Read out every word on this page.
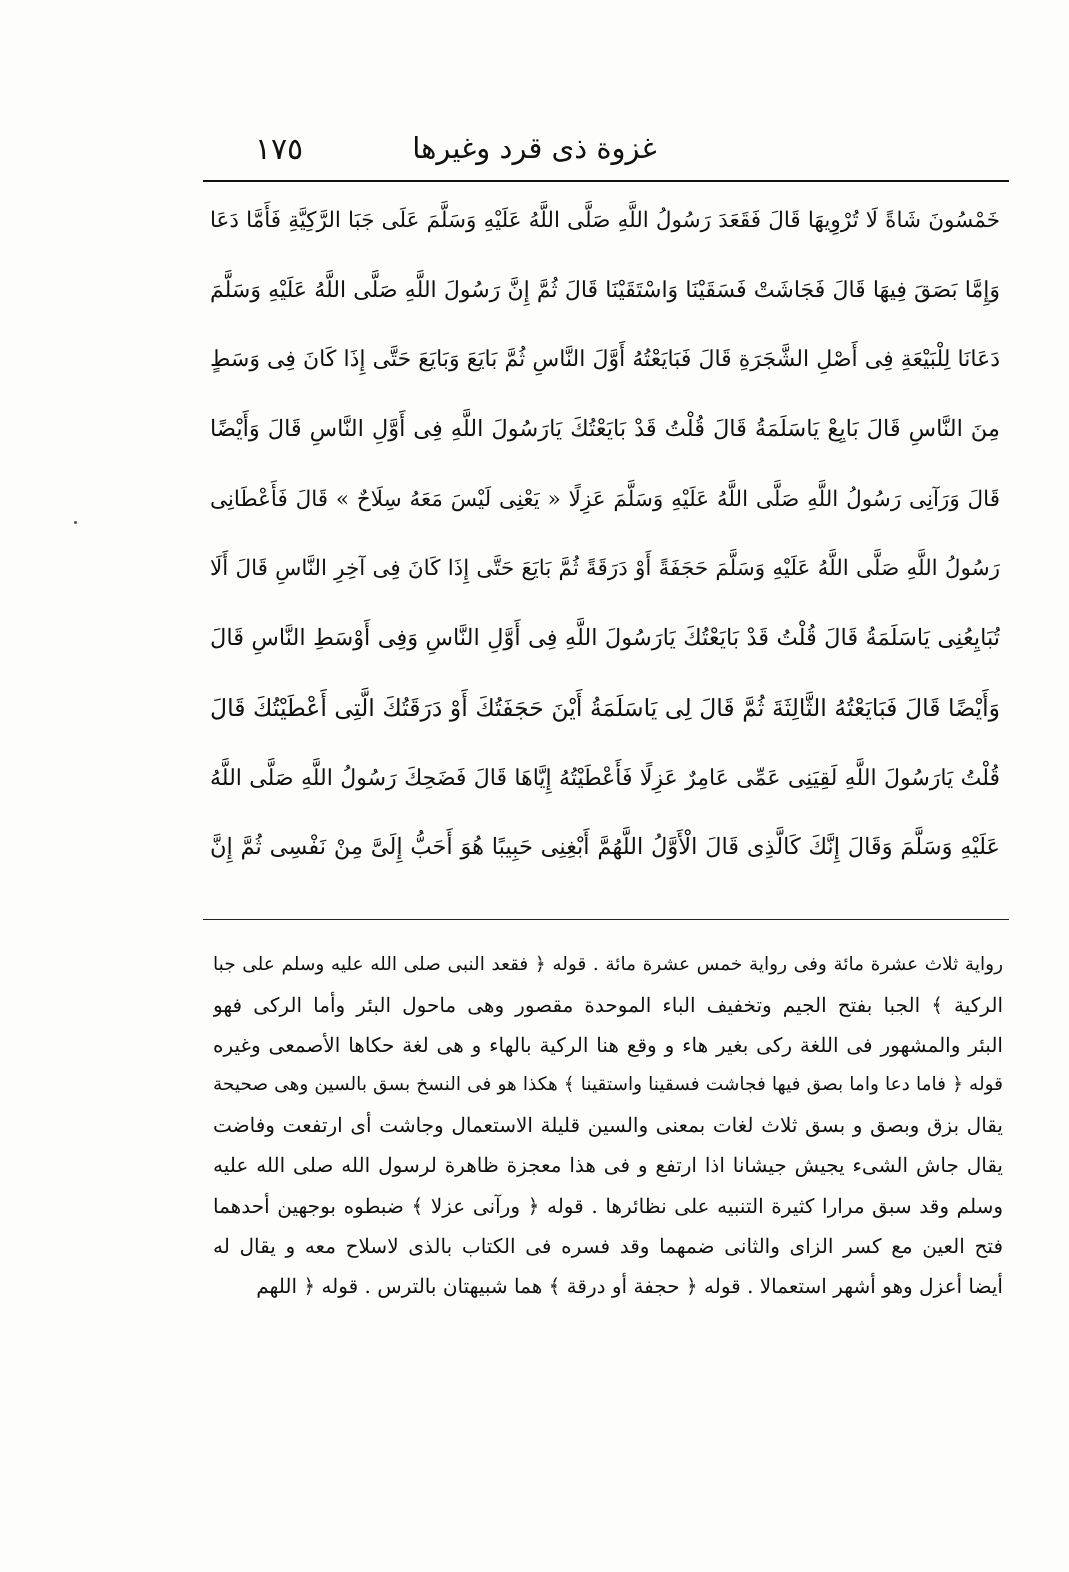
غزوة ذى قرد وغيرها
١٧٥
خَمْسُونَ شَاةً لَا تُرْوِيهَا قَالَ فَقَعَدَ رَسُولُ اللَّهِ صَلَّى اللَّهُ عَلَيْهِ وَسَلَّمَ عَلَى جَبَا الرَّكِيَّةِ فَأَمَّا دَعَا
وَإِمَّا بَصَقَ فِيهَا قَالَ فَجَاشَتْ فَسَقَيْنَا وَاسْتَقَيْنَا قَالَ ثُمَّ إِنَّ رَسُولَ اللَّهِ صَلَّى اللَّهُ عَلَيْهِ وَسَلَّمَ
دَعَانَا لِلْبَيْعَةِ فِى أَصْلِ الشَّجَرَةِ قَالَ فَبَايَعْتُهُ أَوَّلَ النَّاسِ ثُمَّ بَايَعَ وَبَايَعَ حَتَّى إِذَا كَانَ فِى وَسَطٍ
مِنَ النَّاسِ قَالَ بَايِعْ يَاسَلَمَةُ قَالَ قُلْتُ قَدْ بَايَعْتُكَ يَارَسُولَ اللَّهِ فِى أَوَّلِ النَّاسِ قَالَ وَأَيْضًا
قَالَ وَرَآنِى رَسُولُ اللَّهِ صَلَّى اللَّهُ عَلَيْهِ وَسَلَّمَ عَزِلًا « يَعْنِى لَيْسَ مَعَهُ سِلَاحٌ » قَالَ فَأَعْطَانِى
رَسُولُ اللَّهِ صَلَّى اللَّهُ عَلَيْهِ وَسَلَّمَ حَجَفَةً أَوْ دَرَقَةً ثُمَّ بَايَعَ حَتَّى إِذَا كَانَ فِى آخِرِ النَّاسِ قَالَ أَلَا
تُبَايِعُنِى يَاسَلَمَةُ قَالَ قُلْتُ قَدْ بَايَعْتُكَ يَارَسُولَ اللَّهِ فِى أَوَّلِ النَّاسِ وَفِى أَوْسَطِ النَّاسِ قَالَ
وَأَيْضًا قَالَ فَبَايَعْتُهُ الثَّالِثَةَ ثُمَّ قَالَ لِى يَاسَلَمَةُ أَيْنَ حَجَفَتُكَ أَوْ دَرَقَتُكَ الَّتِى أَعْطَيْتُكَ قَالَ
قُلْتُ يَارَسُولَ اللَّهِ لَقِيَنِى عَمِّى عَامِرٌ عَزِلًا فَأَعْطَيْتُهُ إِيَّاهَا قَالَ فَضَحِكَ رَسُولُ اللَّهِ صَلَّى اللَّهُ
عَلَيْهِ وَسَلَّمَ وَقَالَ إِنَّكَ كَالَّذِى قَالَ الْأَوَّلُ اللَّهُمَّ أَبْغِنِى حَبِيبًا هُوَ أَحَبُّ إِلَىَّ مِنْ نَفْسِى ثُمَّ إِنَّ
رواية ثلاث عشرة مائة وفى رواية خمس عشرة مائة . قوله ﴿ فقعد النبى صلى الله عليه وسلم على جبا
الركية ﴾ الجبا بفتح الجيم وتخفيف الباء الموحدة مقصور وهى ماحول البئر وأما الركى فهو
البئر والمشهور فى اللغة ركى بغير هاء و وقع هنا الركية بالهاء و هى لغة حكاها الأصمعى وغيره
قوله ﴿ فاما دعا واما بصق فيها فجاشت فسقينا واستقينا ﴾ هكذا هو فى النسخ بسق بالسين وهى صحيحة
يقال بزق وبصق و بسق ثلاث لغات بمعنى والسين قليلة الاستعمال وجاشت أى ارتفعت وفاضت
يقال جاش الشىء يجيش جيشانا اذا ارتفع و فى هذا معجزة ظاهرة لرسول الله صلى الله عليه
وسلم وقد سبق مرارا كثيرة التنبيه على نظائرها . قوله ﴿ ورآنى عزلا ﴾ ضبطوه بوجهين أحدهما
فتح العين مع كسر الزاى والثانى ضمهما وقد فسره فى الكتاب بالذى لاسلاح معه و يقال له
أيضا أعزل وهو أشهر استعمالا . قوله ﴿ حجفة أو درقة ﴾ هما شبيهتان بالترس . قوله ﴿ اللهم
